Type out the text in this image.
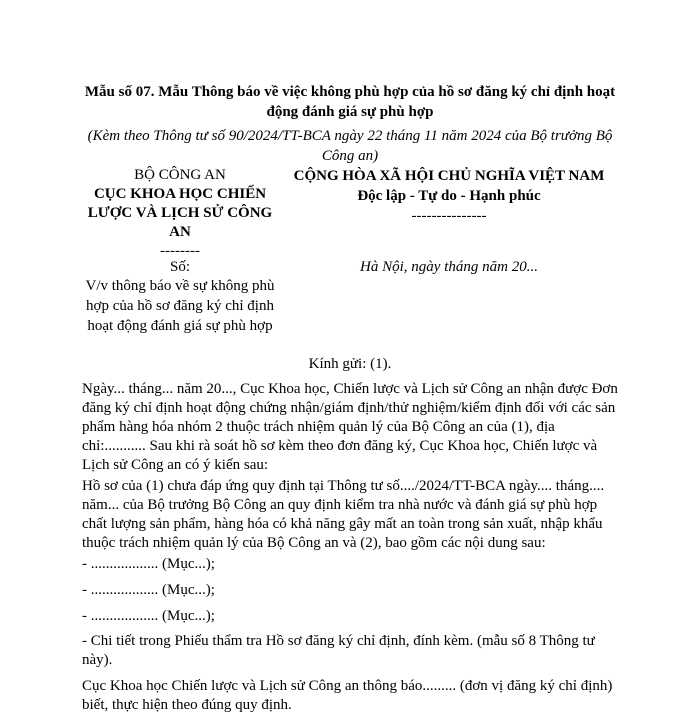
Mẫu số 07. Mẫu Thông báo về việc không phù hợp của hồ sơ đăng ký chỉ định hoạt động đánh giá sự phù hợp
(Kèm theo Thông tư số 90/2024/TT-BCA ngày 22 tháng 11 năm 2024 của Bộ trưởng Bộ Công an)
BỘ CÔNG AN
CỤC KHOA HỌC CHIẾN LƯỢC VÀ LỊCH SỬ CÔNG AN
--------
Số:
V/v thông báo về sự không phù hợp của hồ sơ đăng ký chỉ định hoạt động đánh giá sự phù hợp
CỘNG HÒA XÃ HỘI CHỦ NGHĨA VIỆT NAM
Độc lập - Tự do - Hạnh phúc
---------------
Hà Nội, ngày tháng năm 20...
Kính gửi: (1).
Ngày... tháng... năm 20..., Cục Khoa học, Chiến lược và Lịch sử Công an nhận được Đơn đăng ký chỉ định hoạt động chứng nhận/giám định/thử nghiệm/kiểm định đối với các sản phẩm hàng hóa nhóm 2 thuộc trách nhiệm quản lý của Bộ Công an của (1), địa chỉ:........... Sau khi rà soát hồ sơ kèm theo đơn đăng ký, Cục Khoa học, Chiến lược và Lịch sử Công an có ý kiến sau:
Hồ sơ của (1) chưa đáp ứng quy định tại Thông tư số..../2024/TT-BCA ngày.... tháng.... năm... của Bộ trưởng Bộ Công an quy định kiểm tra nhà nước và đánh giá sự phù hợp chất lượng sản phẩm, hàng hóa có khả năng gây mất an toàn trong sản xuất, nhập khẩu thuộc trách nhiệm quản lý của Bộ Công an và (2), bao gồm các nội dung sau:
- .................. (Mục...);
- .................. (Mục...);
- .................. (Mục...);
- Chi tiết trong Phiếu thẩm tra Hồ sơ đăng ký chỉ định, đính kèm. (mẫu số 8 Thông tư này).
Cục Khoa học Chiến lược và Lịch sử Công an thông báo......... (đơn vị đăng ký chỉ định) biết, thực hiện theo đúng quy định.
